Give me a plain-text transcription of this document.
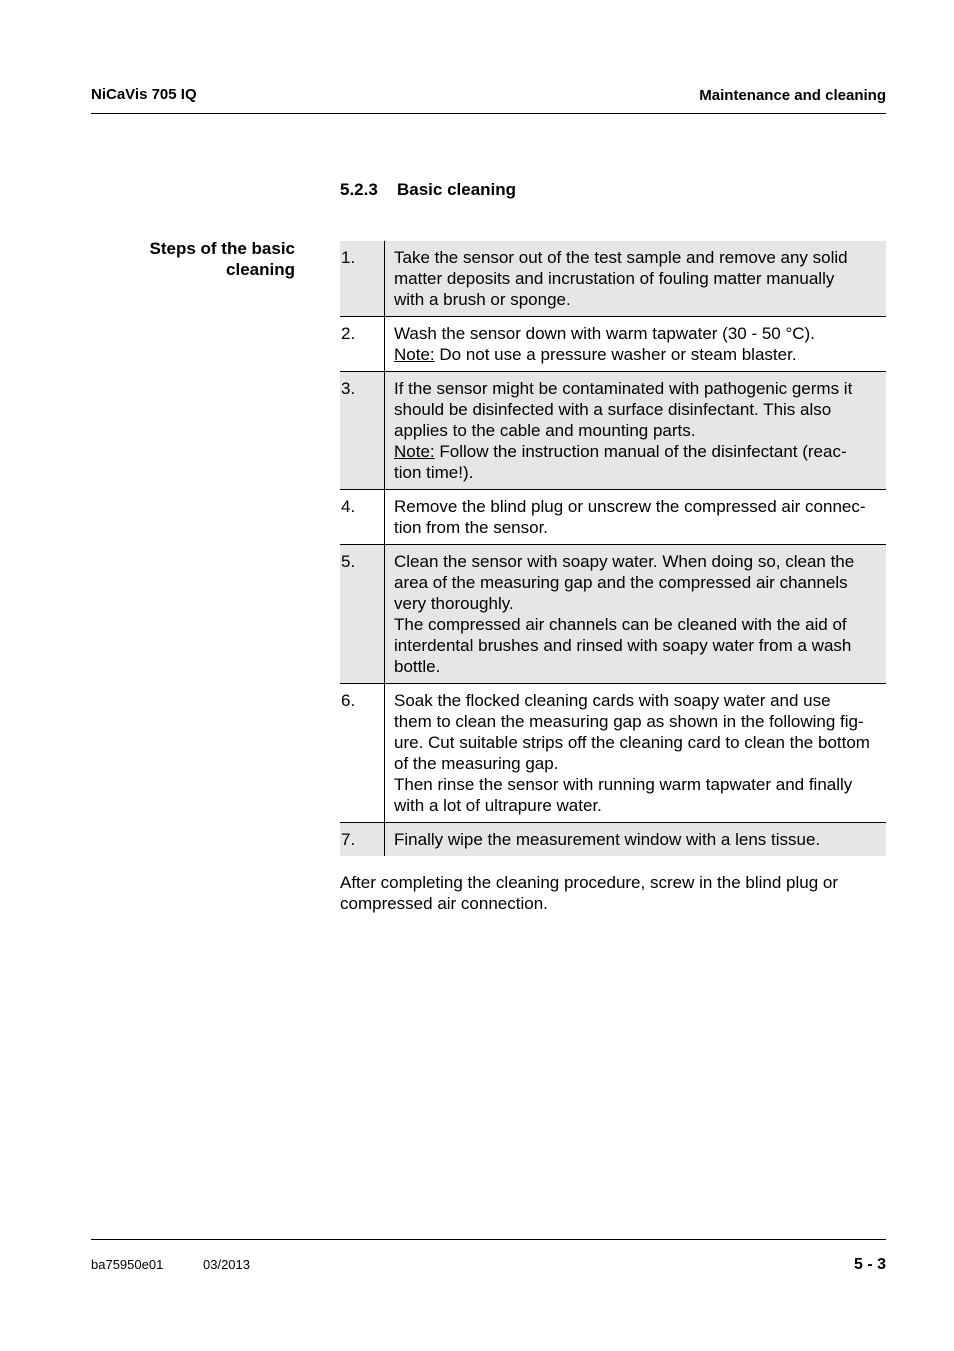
NiCaVis 705 IQ	Maintenance and cleaning
5.2.3 Basic cleaning
Steps of the basic
cleaning
1.	Take the sensor out of the test sample and remove any solid
matter deposits and incrustation of fouling matter manually
with a brush or sponge.
2.	Wash the sensor down with warm tapwater (30 - 50 °C).
Note: Do not use a pressure washer or steam blaster.
3.	If the sensor might be contaminated with pathogenic germs it
should be disinfected with a surface disinfectant. This also
applies to the cable and mounting parts.
Note: Follow the instruction manual of the disinfectant (reac-
tion time!).
4.	Remove the blind plug or unscrew the compressed air connec-
tion from the sensor.
5.	Clean the sensor with soapy water. When doing so, clean the
area of the measuring gap and the compressed air channels
very thoroughly.
The compressed air channels can be cleaned with the aid of
interdental brushes and rinsed with soapy water from a wash
bottle.
6.	Soak the flocked cleaning cards with soapy water and use
them to clean the measuring gap as shown in the following fig-
ure. Cut suitable strips off the cleaning card to clean the bottom
of the measuring gap.
Then rinse the sensor with running warm tapwater and finally
with a lot of ultrapure water.
7.	Finally wipe the measurement window with a lens tissue.
After completing the cleaning procedure, screw in the blind plug or
compressed air connection.
ba75950e01	03/2013	5 - 3
